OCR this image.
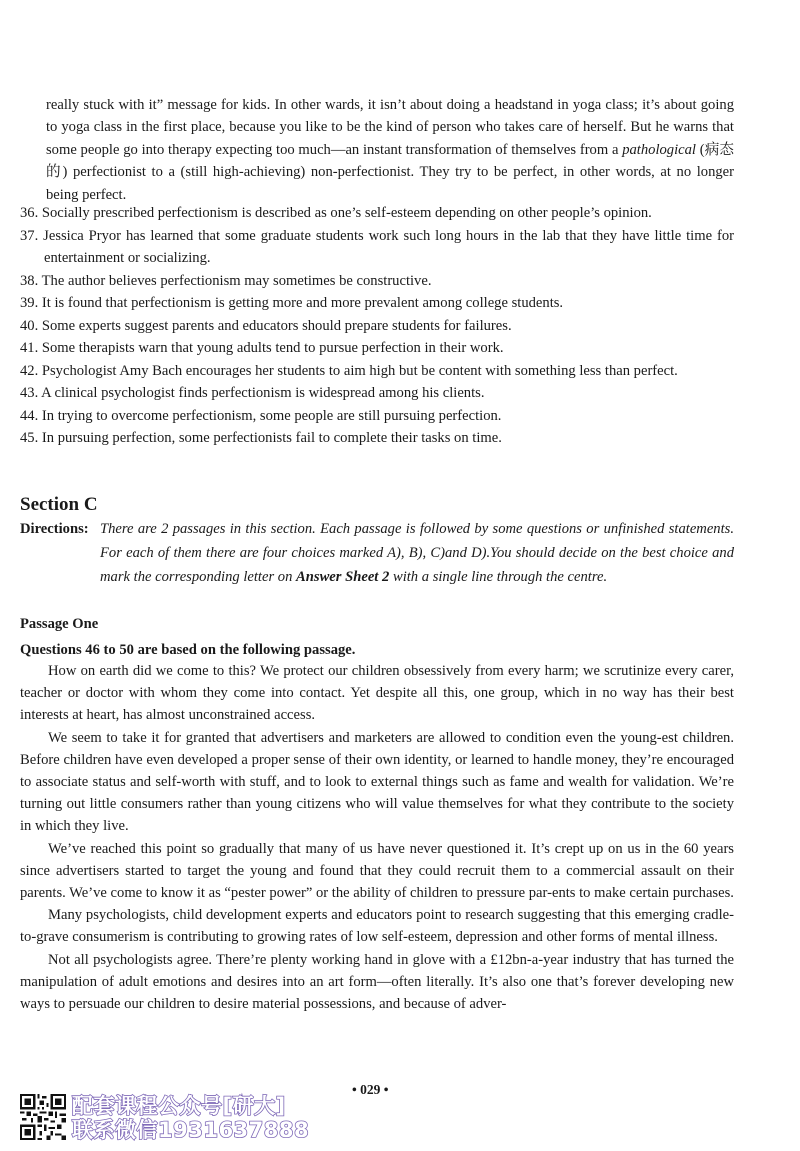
really stuck with it” message for kids. In other wards, it isn’t about doing a headstand in yoga class; it’s about going to yoga class in the first place, because you like to be the kind of person who takes care of herself. But he warns that some people go into therapy expecting too much—an instant transformation of themselves from a pathological (病态的) perfectionist to a (still high-achieving) non-perfectionist. They try to be perfect, in other words, at no longer being perfect.

36. Socially prescribed perfectionism is described as one’s self-esteem depending on other people’s opinion.
37. Jessica Pryor has learned that some graduate students work such long hours in the lab that they have little time for entertainment or socializing.
38. The author believes perfectionism may sometimes be constructive.
39. It is found that perfectionism is getting more and more prevalent among college students.
40. Some experts suggest parents and educators should prepare students for failures.
41. Some therapists warn that young adults tend to pursue perfection in their work.
42. Psychologist Amy Bach encourages her students to aim high but be content with something less than perfect.
43. A clinical psychologist finds perfectionism is widespread among his clients.
44. In trying to overcome perfectionism, some people are still pursuing perfection.
45. In pursuing perfection, some perfectionists fail to complete their tasks on time.
Section C
Directions: There are 2 passages in this section. Each passage is followed by some questions or unfinished statements. For each of them there are four choices marked A), B), C)and D).You should decide on the best choice and mark the corresponding letter on Answer Sheet 2 with a single line through the centre.
Passage One
Questions 46 to 50 are based on the following passage.

How on earth did we come to this? We protect our children obsessively from every harm; we scrutinize every carer, teacher or doctor with whom they come into contact. Yet despite all this, one group, which in no way has their best interests at heart, has almost unconstrained access.

We seem to take it for granted that advertisers and marketers are allowed to condition even the young-est children. Before children have even developed a proper sense of their own identity, or learned to handle money, they’re encouraged to associate status and self-worth with stuff, and to look to external things such as fame and wealth for validation. We’re turning out little consumers rather than young citizens who will value themselves for what they contribute to the society in which they live.

We’ve reached this point so gradually that many of us have never questioned it. It’s crept up on us in the 60 years since advertisers started to target the young and found that they could recruit them to a commercial assault on their parents. We’ve come to know it as “pester power” or the ability of children to pressure par-ents to make certain purchases.

Many psychologists, child development experts and educators point to research suggesting that this emerging cradle-to-grave consumerism is contributing to growing rates of low self-esteem, depression and other forms of mental illness.

Not all psychologists agree. There’re plenty working hand in glove with a £12bn-a-year industry that has turned the manipulation of adult emotions and desires into an art form—often literally. It’s also one that’s forever developing new ways to persuade our children to desire material possessions, and because of adver-

• 029 •
配套课程公众号[研大]
联系微信1931637888
